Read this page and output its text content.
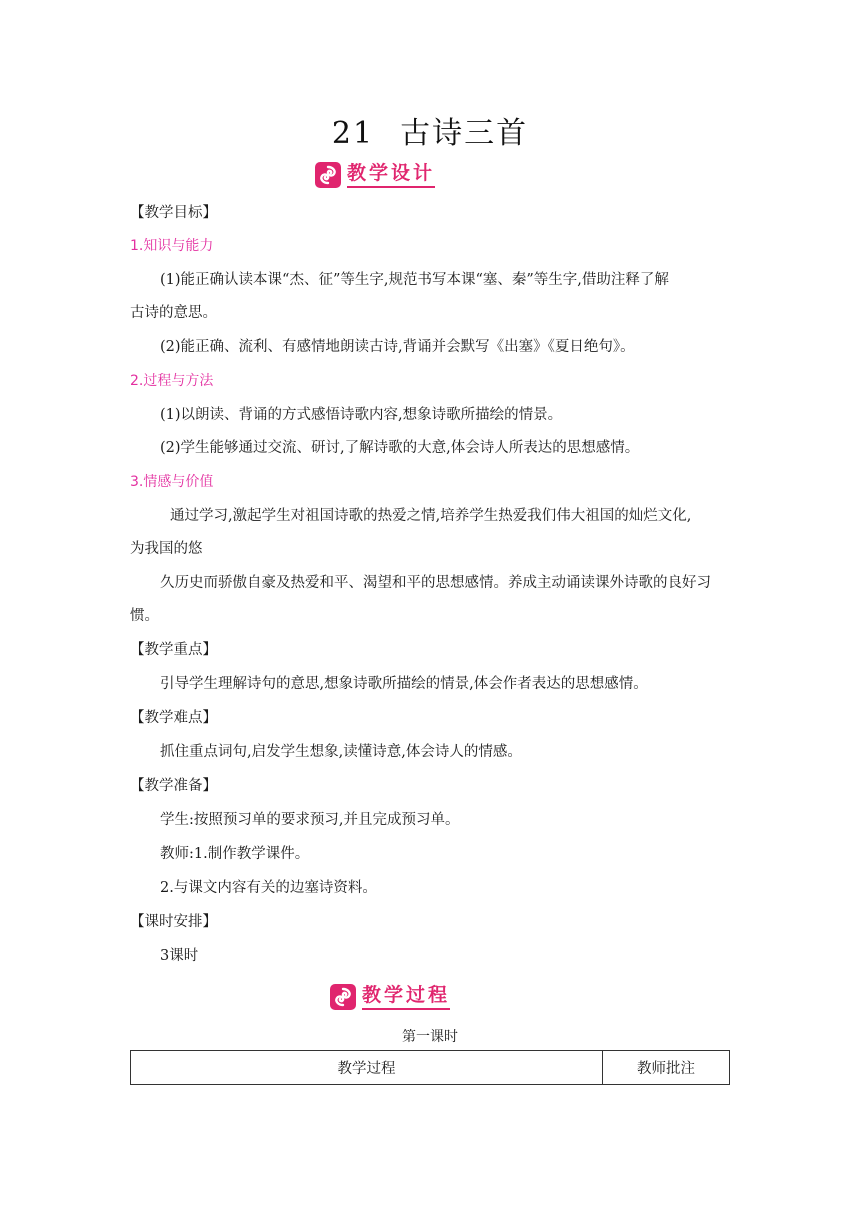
21 古诗三首
教学设计
【教学目标】
1.知识与能力
(1)能正确认读本课“杰、征”等生字,规范书写本课“塞、秦”等生字,借助注释了解
古诗的意思。
(2)能正确、流利、有感情地朗读古诗,背诵并会默写《出塞》《夏日绝句》。
2.过程与方法
(1)以朗读、背诵的方式感悟诗歌内容,想象诗歌所描绘的情景。
(2)学生能够通过交流、研讨,了解诗歌的大意,体会诗人所表达的思想感情。
3.情感与价值
通过学习,激起学生对祖国诗歌的热爱之情,培养学生热爱我们伟大祖国的灿烂文化,
为我国的悠
久历史而骄傲自豪及热爱和平、渴望和平的思想感情。养成主动诵读课外诗歌的良好习
惯。
【教学重点】
引导学生理解诗句的意思,想象诗歌所描绘的情景,体会作者表达的思想感情。
【教学难点】
抓住重点词句,启发学生想象,读懂诗意,体会诗人的情感。
【教学准备】
学生:按照预习单的要求预习,并且完成预习单。
教师:1.制作教学课件。
2.与课文内容有关的边塞诗资料。
【课时安排】
3课时
教学过程
第一课时
教学过程	教师批注
